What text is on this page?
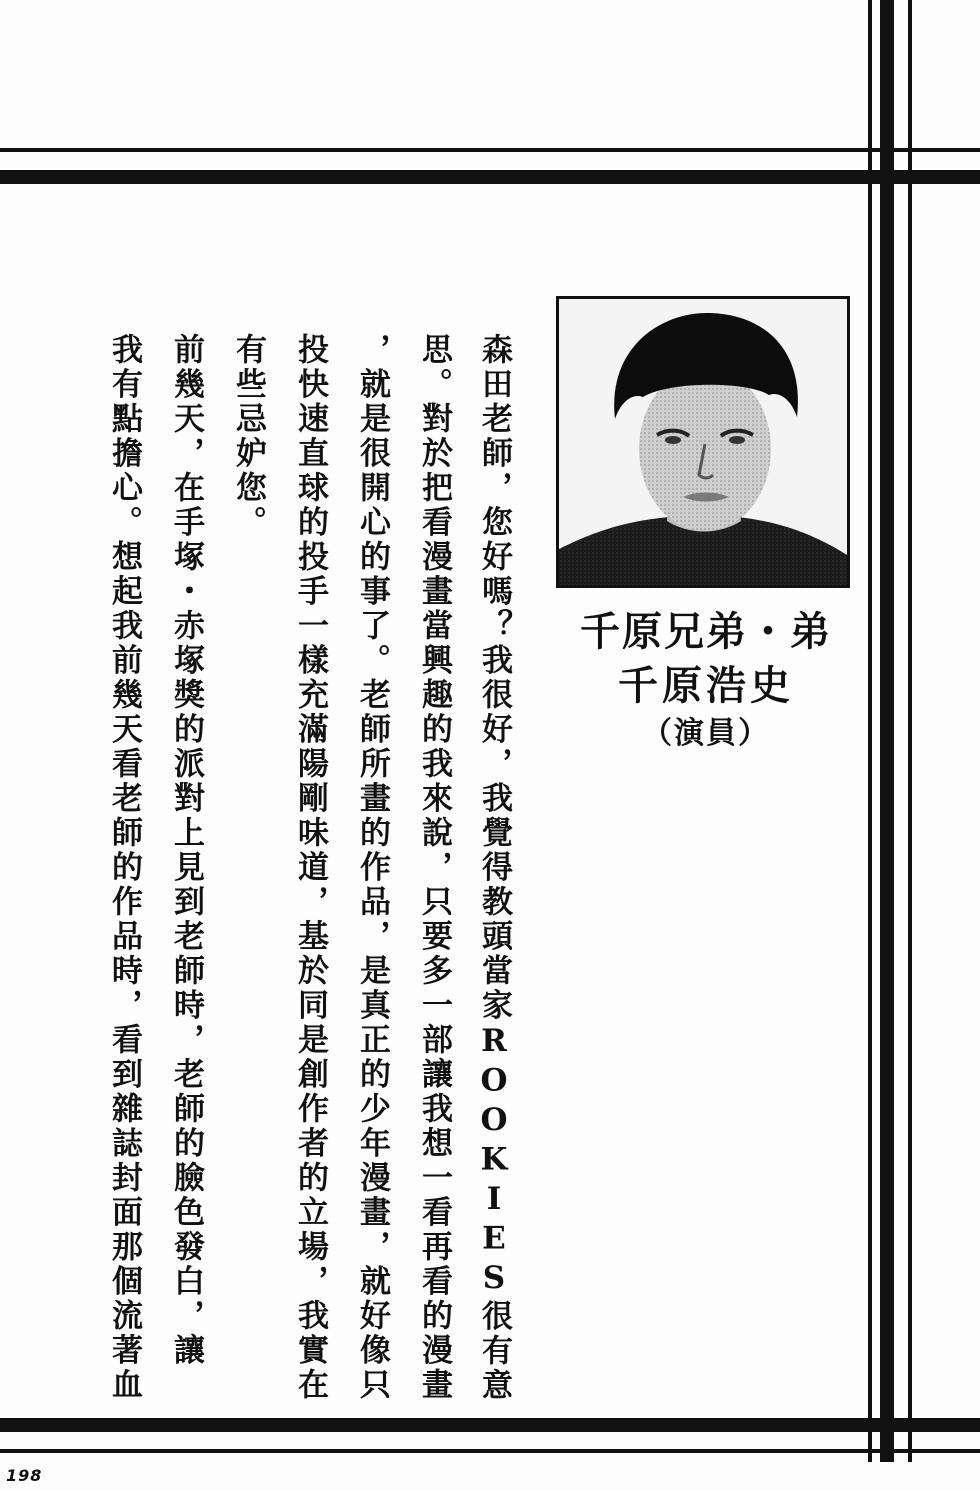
千原兄弟・弟
千原浩史
（演員）
森田老師，您好嗎？我很好，我覺得教頭當家ROOKIES很有意
思。對於把看漫畫當興趣的我來說，只要多一部讓我想一看再看的漫畫
，就是很開心的事了。老師所畫的作品，是真正的少年漫畫，就好像只
投快速直球的投手一樣充滿陽剛味道，基於同是創作者的立場，我實在
有些忌妒您。
前幾天，在手塚・赤塚獎的派對上見到老師時，老師的臉色發白，讓
我有點擔心。想起我前幾天看老師的作品時，看到雜誌封面那個流著血
198
